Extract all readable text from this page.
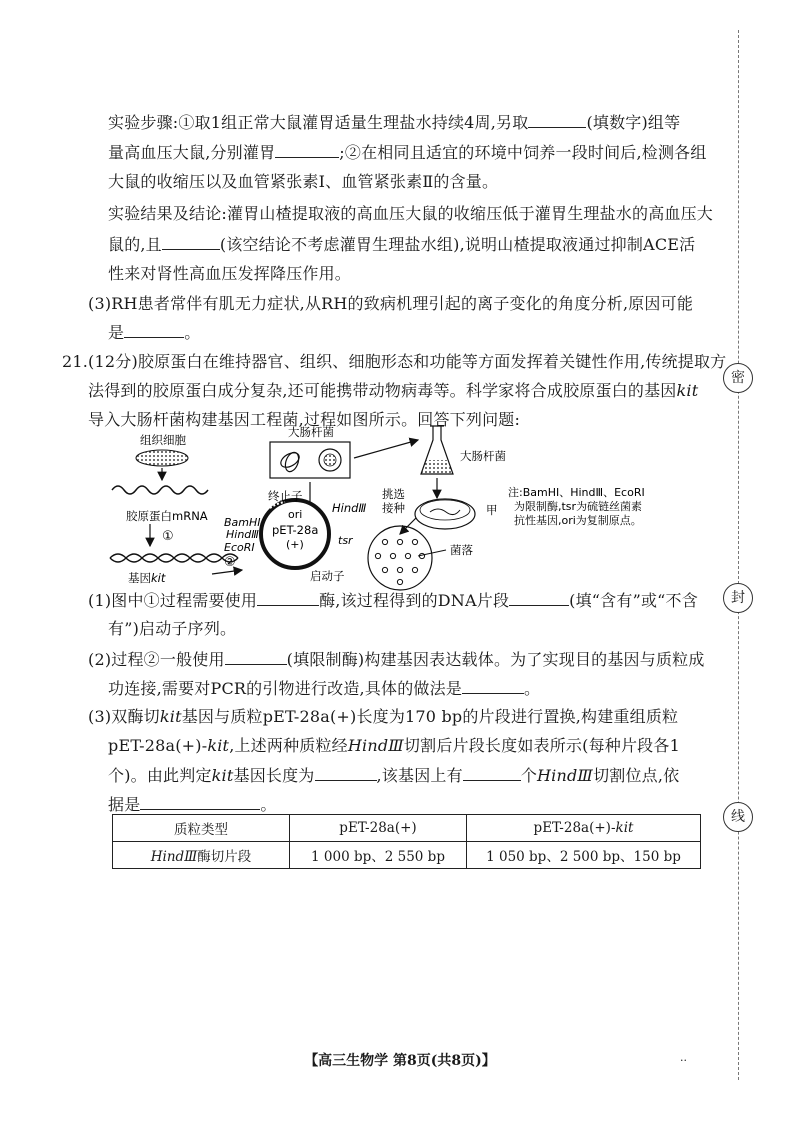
密
封
线
实验步骤:①取1组正常大鼠灌胃适量生理盐水持续4周,另取	(填数字)组等
量高血压大鼠,分别灌胃	;②在相同且适宜的环境中饲养一段时间后,检测各组
大鼠的收缩压以及血管紧张素Ⅰ、血管紧张素Ⅱ的含量。
实验结果及结论:灌胃山楂提取液的高血压大鼠的收缩压低于灌胃生理盐水的高血压大
鼠的,且	(该空结论不考虑灌胃生理盐水组),说明山楂提取液通过抑制ACE活
性来对肾性高血压发挥降压作用。
(3)RH患者常伴有肌无力症状,从RH的致病机理引起的离子变化的角度分析,原因可能
是	。
21.(12分)胶原蛋白在维持器官、组织、细胞形态和功能等方面发挥着关键性作用,传统提取方
法得到的胶原蛋白成分复杂,还可能携带动物病毒等。科学家将合成胶原蛋白的基因kit
导入大肠杆菌构建基因工程菌,过程如图所示。回答下列问题:
组织细胞
胶原蛋白mRNA
①
基因kit
②
大肠杆菌
终止子
HindⅢ
BamHⅠ
HindⅢ
EcoRⅠ
ori
pET-28a
(+)	tsr
启动子
大肠杆菌
甲
挑选
接种
菌落
注:BamHⅠ、HindⅢ、EcoRⅠ
为限制酶,tsr为硫链丝菌素
抗性基因,ori为复制原点。
(1)图中①过程需要使用	酶,该过程得到的DNA片段	(填“含有”或“不含
有”)启动子序列。
(2)过程②一般使用	(填限制酶)构建基因表达载体。为了实现目的基因与质粒成
功连接,需要对PCR的引物进行改造,具体的做法是	。
(3)双酶切kit基因与质粒pET-28a(+)长度为170 bp的片段进行置换,构建重组质粒
pET-28a(+)-kit,上述两种质粒经HindⅢ切割后片段长度如表所示(每种片段各1
个)。由此判定kit基因长度为	,该基因上有	个HindⅢ切割位点,依
据是	。
质粒类型	pET-28a(+)	pET-28a(+)-kit
HindⅢ酶切片段	1 000 bp、2 550 bp	1 050 bp、2 500 bp、150 bp
【高三生物学 第8页(共8页)】	··
